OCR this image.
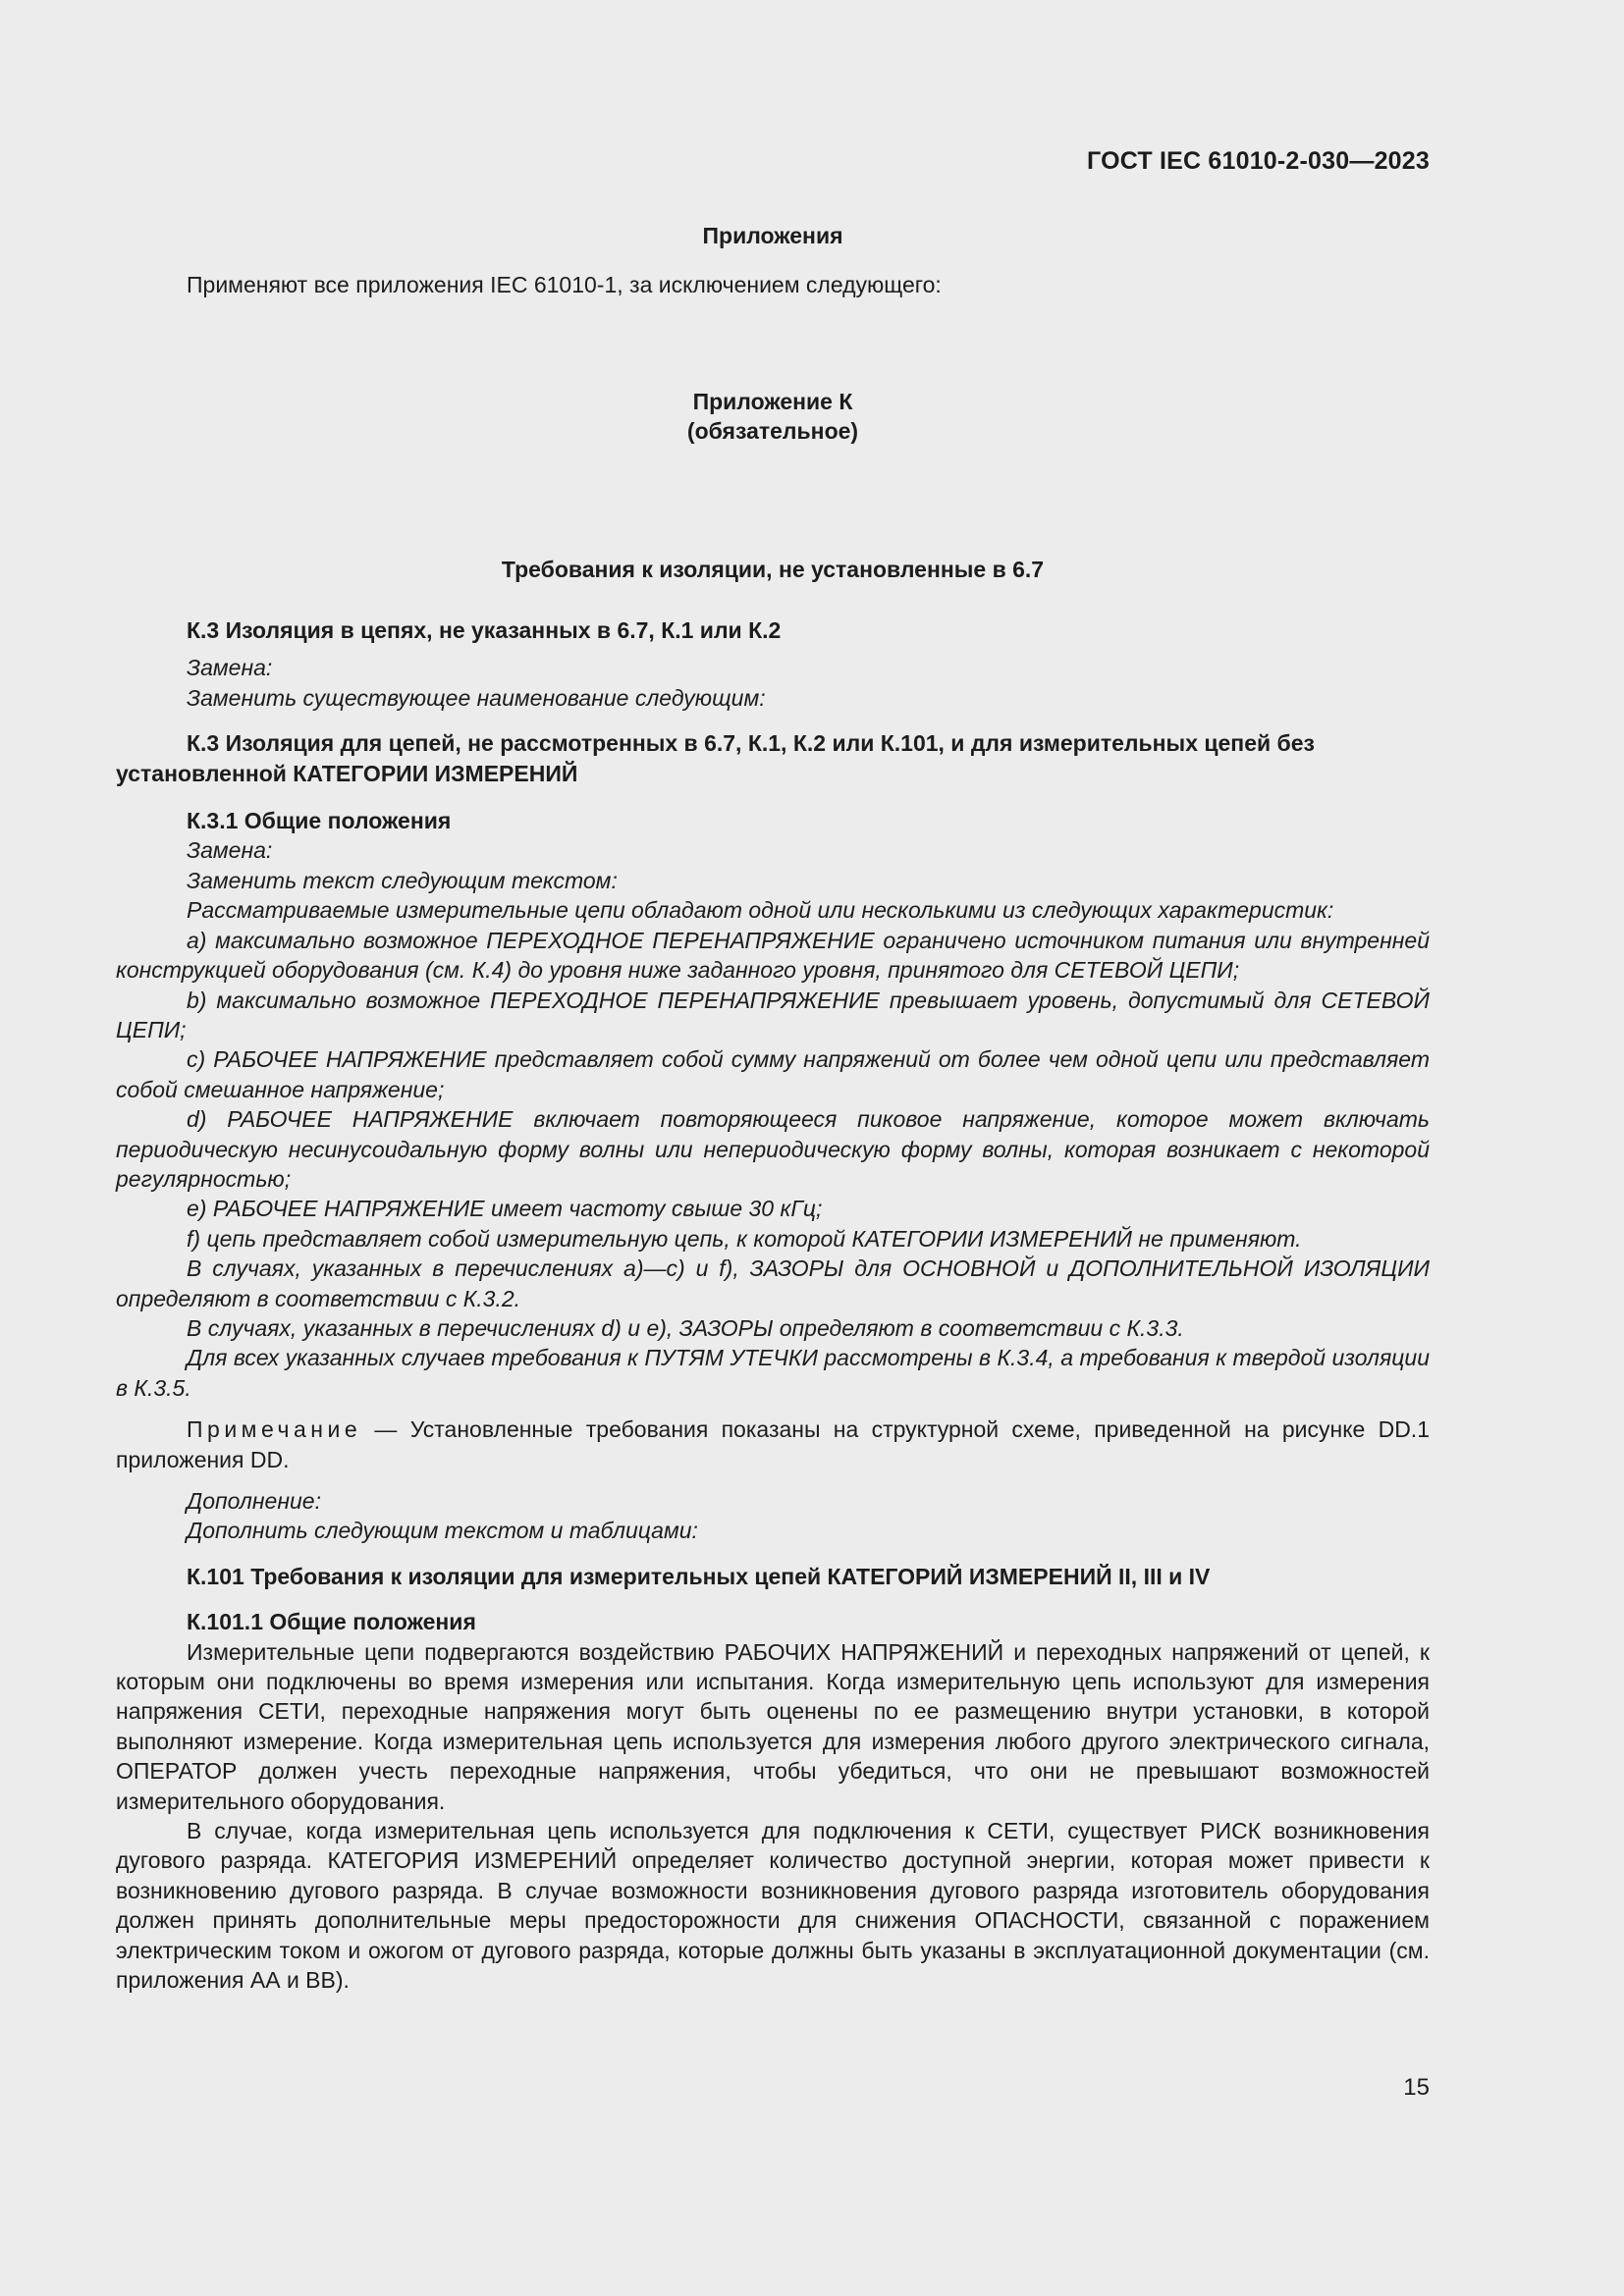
ГОСТ IEC 61010-2-030—2023

Приложения

Применяют все приложения IEC 61010-1, за исключением следующего:

Приложение К

(обязательное)

Требования к изоляции, не установленные в 6.7

К.3 Изоляция в цепях, не указанных в 6.7, К.1 или К.2

Замена:

Заменить существующее наименование следующим:

К.3 Изоляция для цепей, не рассмотренных в 6.7, К.1, К.2 или К.101, и для измерительных цепей без установленной КАТЕГОРИИ ИЗМЕРЕНИЙ

К.3.1 Общие положения

Замена:

Заменить текст следующим текстом:

Рассматриваемые измерительные цепи обладают одной или несколькими из следующих характеристик:

a) максимально возможное ПЕРЕХОДНОЕ ПЕРЕНАПРЯЖЕНИЕ ограничено источником питания или внутренней конструкцией оборудования (см. К.4) до уровня ниже заданного уровня, принятого для СЕТЕВОЙ ЦЕПИ;

b) максимально возможное ПЕРЕХОДНОЕ ПЕРЕНАПРЯЖЕНИЕ превышает уровень, допустимый для СЕТЕВОЙ ЦЕПИ;

c) РАБОЧЕЕ НАПРЯЖЕНИЕ представляет собой сумму напряжений от более чем одной цепи или представляет собой смешанное напряжение;

d) РАБОЧЕЕ НАПРЯЖЕНИЕ включает повторяющееся пиковое напряжение, которое может включать периодическую несинусоидальную форму волны или непериодическую форму волны, которая возникает с некоторой регулярностью;

e) РАБОЧЕЕ НАПРЯЖЕНИЕ имеет частоту свыше 30 кГц;

f) цепь представляет собой измерительную цепь, к которой КАТЕГОРИИ ИЗМЕРЕНИЙ не применяют.

В случаях, указанных в перечислениях а)—с) и f), ЗАЗОРЫ для ОСНОВНОЙ и ДОПОЛНИТЕЛЬНОЙ ИЗОЛЯЦИИ определяют в соответствии с К.3.2.

В случаях, указанных в перечислениях d) и е), ЗАЗОРЫ определяют в соответствии с К.3.3.

Для всех указанных случаев требования к ПУТЯМ УТЕЧКИ рассмотрены в К.3.4, а требования к твердой изоляции в К.3.5.

Примечание — Установленные требования показаны на структурной схеме, приведенной на рисунке DD.1 приложения DD.

Дополнение:

Дополнить следующим текстом и таблицами:

К.101 Требования к изоляции для измерительных цепей КАТЕГОРИЙ ИЗМЕРЕНИЙ II, III и IV

К.101.1 Общие положения

Измерительные цепи подвергаются воздействию РАБОЧИХ НАПРЯЖЕНИЙ и переходных напряжений от цепей, к которым они подключены во время измерения или испытания. Когда измерительную цепь используют для измерения напряжения СЕТИ, переходные напряжения могут быть оценены по ее размещению внутри установки, в которой выполняют измерение. Когда измерительная цепь используется для измерения любого другого электрического сигнала, ОПЕРАТОР должен учесть переходные напряжения, чтобы убедиться, что они не превышают возможностей измерительного оборудования.

В случае, когда измерительная цепь используется для подключения к СЕТИ, существует РИСК возникновения дугового разряда. КАТЕГОРИЯ ИЗМЕРЕНИЙ определяет количество доступной энергии, которая может привести к возникновению дугового разряда. В случае возможности возникновения дугового разряда изготовитель оборудования должен принять дополнительные меры предосторожности для снижения ОПАСНОСТИ, связанной с поражением электрическим током и ожогом от дугового разряда, которые должны быть указаны в эксплуатационной документации (см. приложения АА и ВВ).

15
